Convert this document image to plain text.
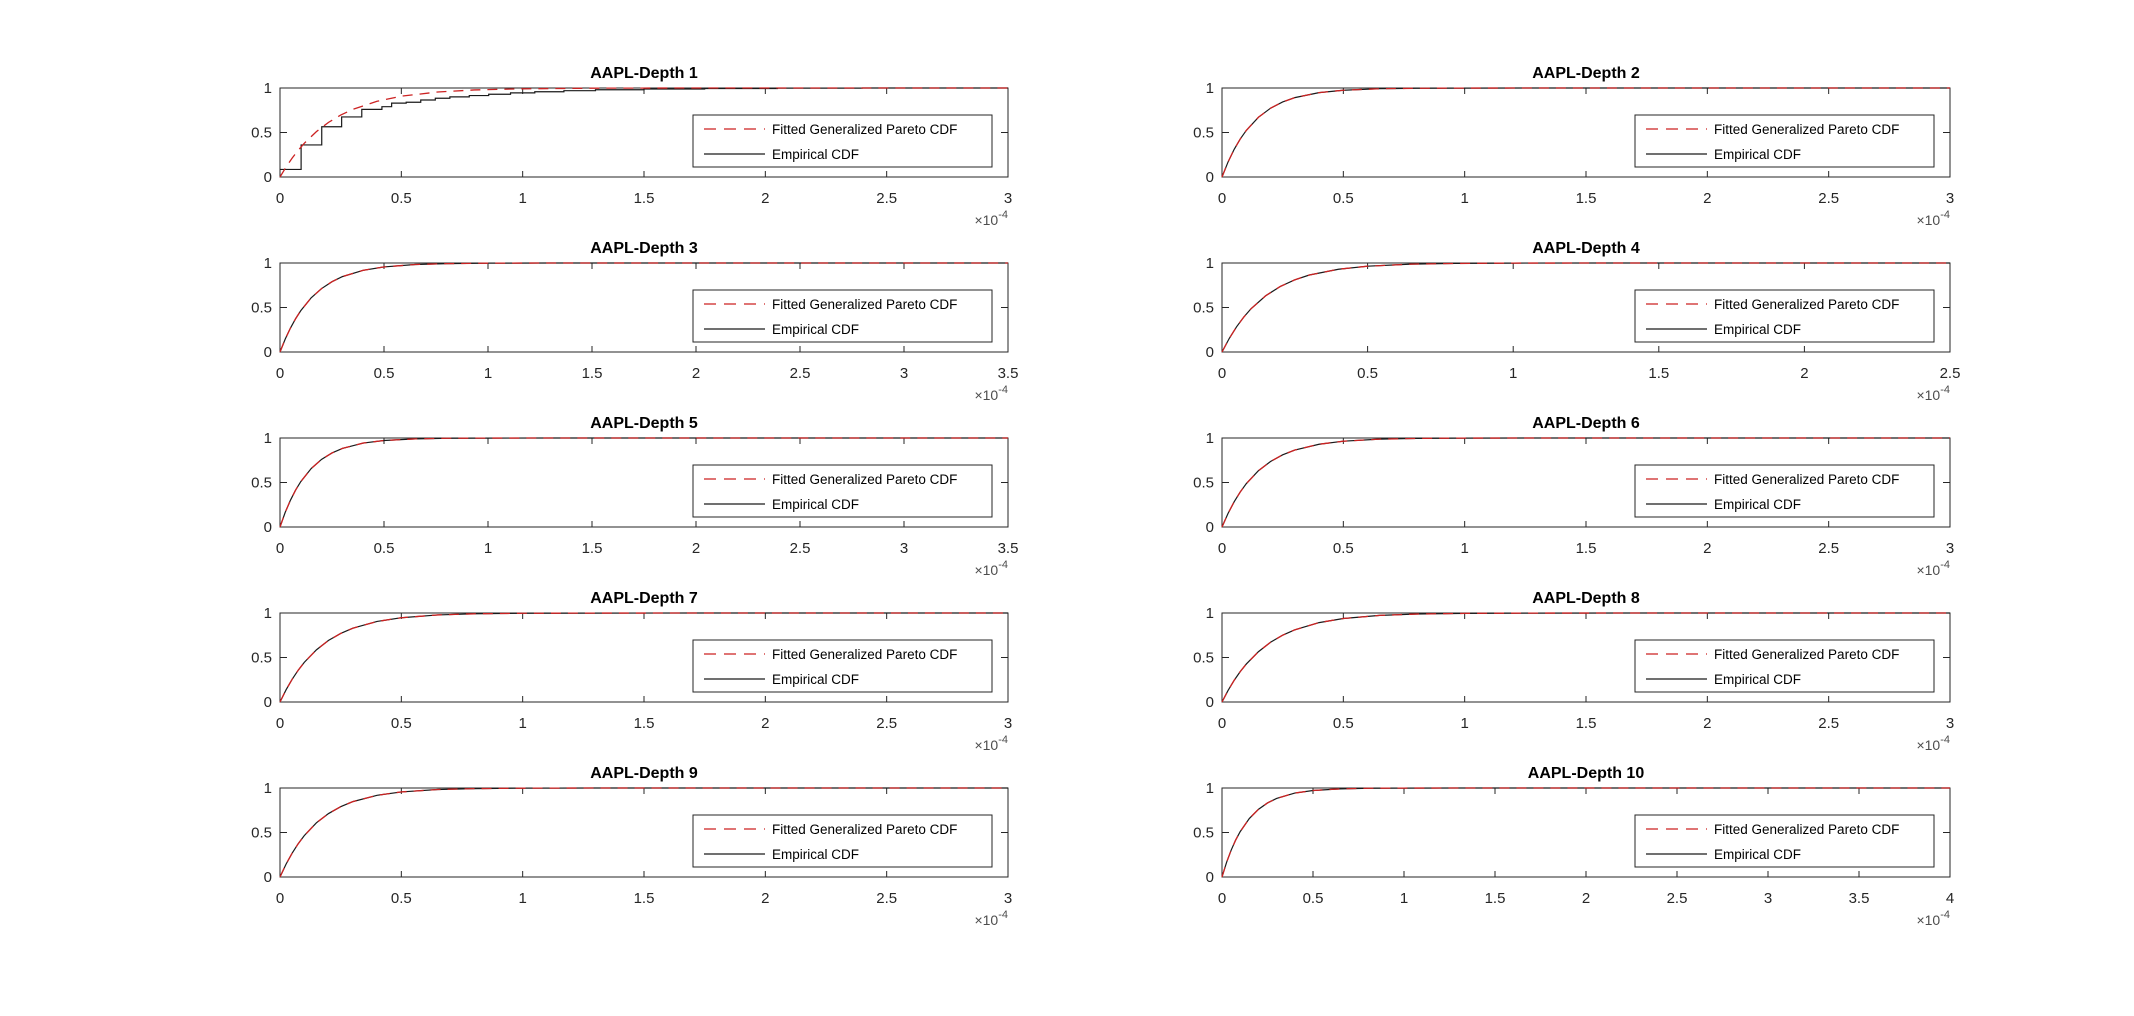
AAPL-Depth 1
0	0.5	1	1.5	2	2.5	3
0
0.5
1
$\times 10^{-4}$
Fitted Generalized Pareto CDF
Empirical CDF
AAPL-Depth 2
0	0.5	1	1.5	2	2.5	3
0
0.5
1
$\times 10^{-4}$
Fitted Generalized Pareto CDF
Empirical CDF
AAPL-Depth 3
0	0.5	1	1.5	2	2.5	3	3.5
0
0.5
1
$\times 10^{-4}$
Fitted Generalized Pareto CDF
Empirical CDF
AAPL-Depth 4
0	0.5	1	1.5	2	2.5
0
0.5
1
$\times 10^{-4}$
Fitted Generalized Pareto CDF
Empirical CDF
AAPL-Depth 5
0	0.5	1	1.5	2	2.5	3	3.5
0
0.5
1
$\times 10^{-4}$
Fitted Generalized Pareto CDF
Empirical CDF
AAPL-Depth 6
0	0.5	1	1.5	2	2.5	3
0
0.5
1
$\times 10^{-4}$
Fitted Generalized Pareto CDF
Empirical CDF
AAPL-Depth 7
0	0.5	1	1.5	2	2.5	3
0
0.5
1
$\times 10^{-4}$
Fitted Generalized Pareto CDF
Empirical CDF
AAPL-Depth 8
0	0.5	1	1.5	2	2.5	3
0
0.5
1
$\times 10^{-4}$
Fitted Generalized Pareto CDF
Empirical CDF
AAPL-Depth 9
0	0.5	1	1.5	2	2.5	3
0
0.5
1
$\times 10^{-4}$
Fitted Generalized Pareto CDF
Empirical CDF
AAPL-Depth 10
0	0.5	1	1.5	2	2.5	3	3.5	4
0
0.5
1
$\times 10^{-4}$
Fitted Generalized Pareto CDF
Empirical CDF
